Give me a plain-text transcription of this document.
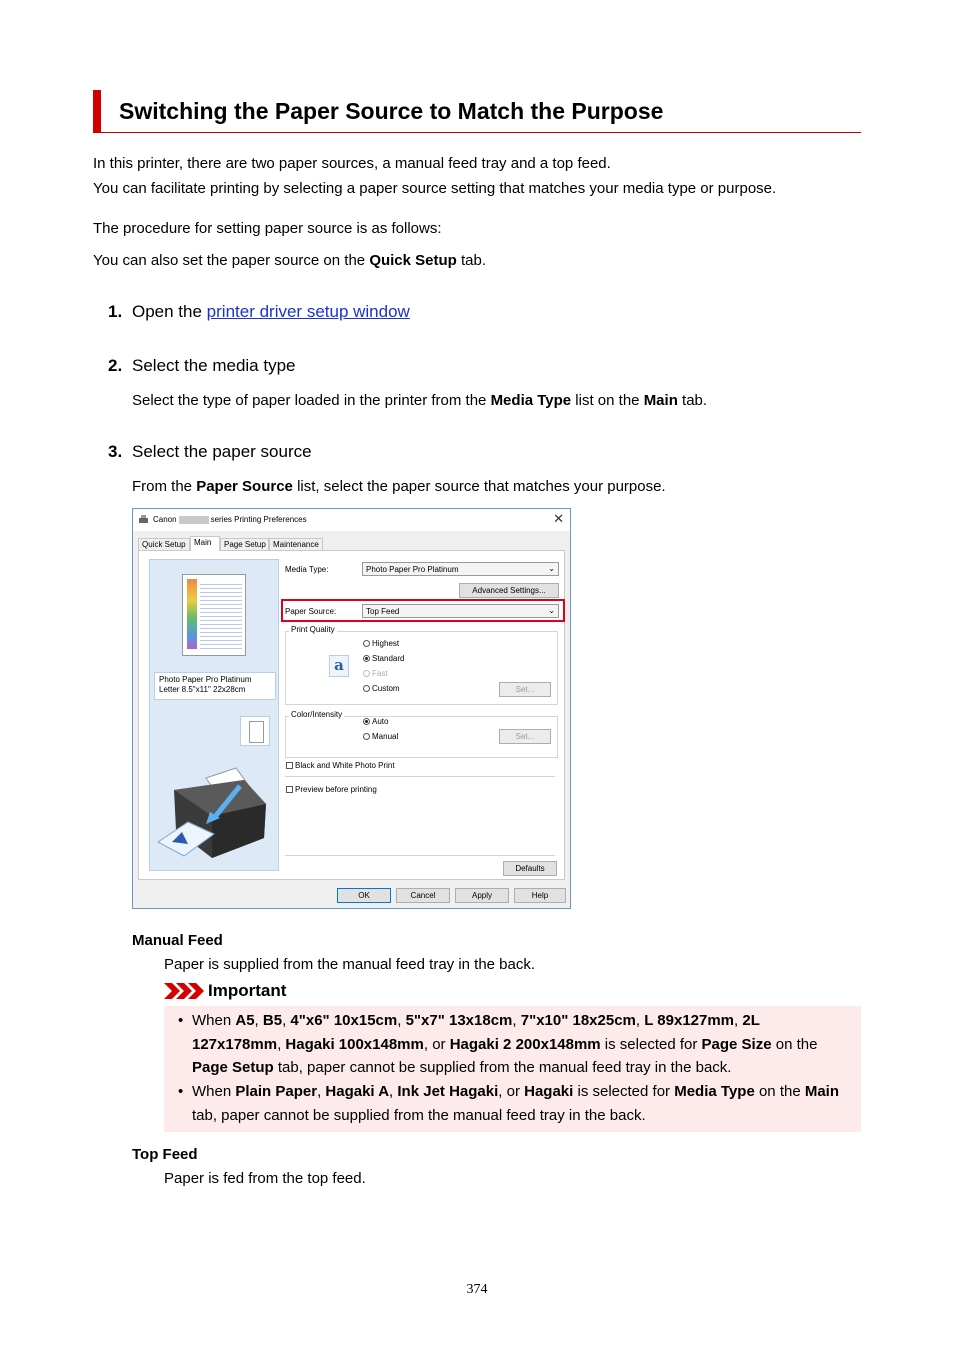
Switching the Paper Source to Match the Purpose

In this printer, there are two paper sources, a manual feed tray and a top feed.

You can facilitate printing by selecting a paper source setting that matches your media type or purpose.

The procedure for setting paper source is as follows:

You can also set the paper source on the Quick Setup tab.

1. Open the printer driver setup window
2. Select the media type
Select the type of paper loaded in the printer from the Media Type list on the Main tab.
3. Select the paper source
From the Paper Source list, select the paper source that matches your purpose.
Canon	series Printing Preferences	✕
Quick Setup	Main	Page Setup Maintenance
Photo Paper Pro Platinum
Letter 8.5"x11" 22x28cm
Media Type:	Photo Paper Pro Platinum	⌄
Advanced Settings...
Paper Source:	Top Feed	⌄
Print Quality
a
Highest
Standard
Fast
Custom	Set...
Color/Intensity
Auto
Manual	Set...
Black and White Photo Print
Preview before printing
Defaults
OK	Cancel	Apply	Help
Manual Feed
Paper is supplied from the manual feed tray in the back.
Important
• When A5, B5, 4"x6" 10x15cm, 5"x7" 13x18cm, 7"x10" 18x25cm, L 89x127mm, 2L 127x178mm, Hagaki 100x148mm, or Hagaki 2 200x148mm is selected for Page Size on the Page Setup tab, paper cannot be supplied from the manual feed tray in the back.
• When Plain Paper, Hagaki A, Ink Jet Hagaki, or Hagaki is selected for Media Type on the Main tab, paper cannot be supplied from the manual feed tray in the back.
Top Feed
Paper is fed from the top feed.
374
